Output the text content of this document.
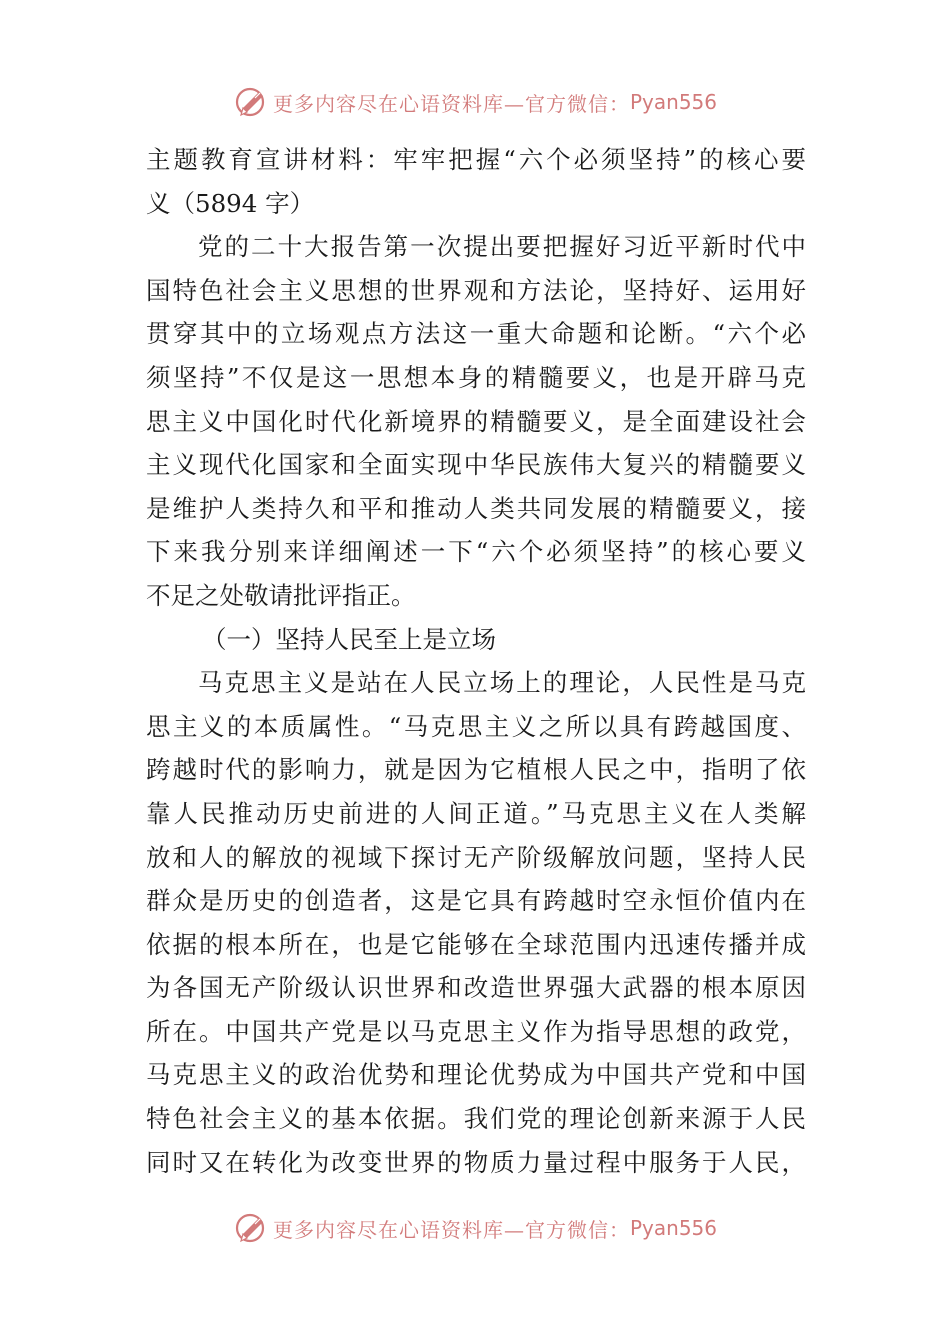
更多内容尽在心语资料库—官方微信： Pyan556
主题教育宣讲材料：牢牢把握“六个必须坚持”的核心要
义（5894 字）
党的二十大报告第一次提出要把握好习近平新时代中
国特色社会主义思想的世界观和方法论，坚持好、运用好
贯穿其中的立场观点方法这一重大命题和论断。“六个必
须坚持”不仅是这一思想本身的精髓要义，也是开辟马克
思主义中国化时代化新境界的精髓要义，是全面建设社会
主义现代化国家和全面实现中华民族伟大复兴的精髓要义
是维护人类持久和平和推动人类共同发展的精髓要义，接
下来我分别来详细阐述一下“六个必须坚持”的核心要义
不足之处敬请批评指正。
（一）坚持人民至上是立场
马克思主义是站在人民立场上的理论，人民性是马克
思主义的本质属性。“马克思主义之所以具有跨越国度、
跨越时代的影响力，就是因为它植根人民之中，指明了依
靠人民推动历史前进的人间正道。”马克思主义在人类解
放和人的解放的视域下探讨无产阶级解放问题，坚持人民
群众是历史的创造者，这是它具有跨越时空永恒价值内在
依据的根本所在，也是它能够在全球范围内迅速传播并成
为各国无产阶级认识世界和改造世界强大武器的根本原因
所在。中国共产党是以马克思主义作为指导思想的政党，
马克思主义的政治优势和理论优势成为中国共产党和中国
特色社会主义的基本依据。我们党的理论创新来源于人民
同时又在转化为改变世界的物质力量过程中服务于人民，
更多内容尽在心语资料库—官方微信： Pyan556
